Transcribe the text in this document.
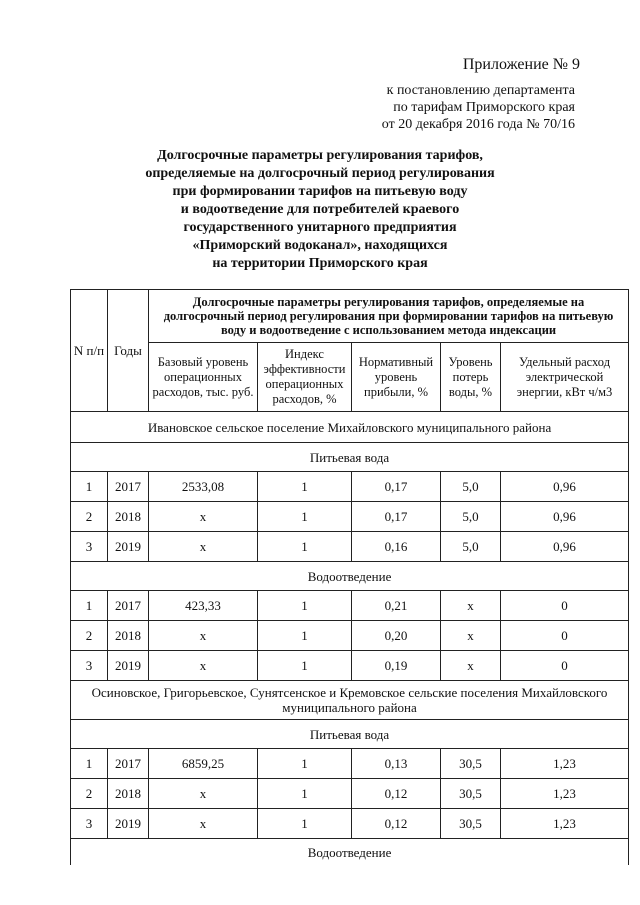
Приложение № 9
к постановлению департамента
по тарифам Приморского края
от 20 декабря 2016 года № 70/16
Долгосрочные параметры регулирования тарифов,
определяемые на долгосрочный период регулирования
при формировании тарифов на питьевую воду
и водоотведение для потребителей краевого
государственного унитарного предприятия
«Приморский водоканал», находящихся
на территории Приморского края
N п/п	Годы	Долгосрочные параметры регулирования тарифов, определяемые на долгосрочный период регулирования при формировании тарифов на питьевую воду и водоотведение с использованием метода индексации				
		Базовый уровень операционных расходов, тыс. руб.	Индекс эффективности операционных расходов, %	Нормативный уровень прибыли, %	Уровень потерь воды, %	Удельный расход электрической энергии, кВт ч/м3
Ивановское сельское поселение Михайловского муниципального района						
Питьевая вода						
1	2017	2533,08	1	0,17	5,0	0,96
2	2018	x	1	0,17	5,0	0,96
3	2019	x	1	0,16	5,0	0,96
Водоотведение						
1	2017	423,33	1	0,21	x	0
2	2018	x	1	0,20	x	0
3	2019	x	1	0,19	x	0
Осиновское, Григорьевское, Сунятсенское и Кремовское сельские поселения Михайловского муниципального района						
Питьевая вода						
1	2017	6859,25	1	0,13	30,5	1,23
2	2018	x	1	0,12	30,5	1,23
3	2019	x	1	0,12	30,5	1,23
Водоотведение						
